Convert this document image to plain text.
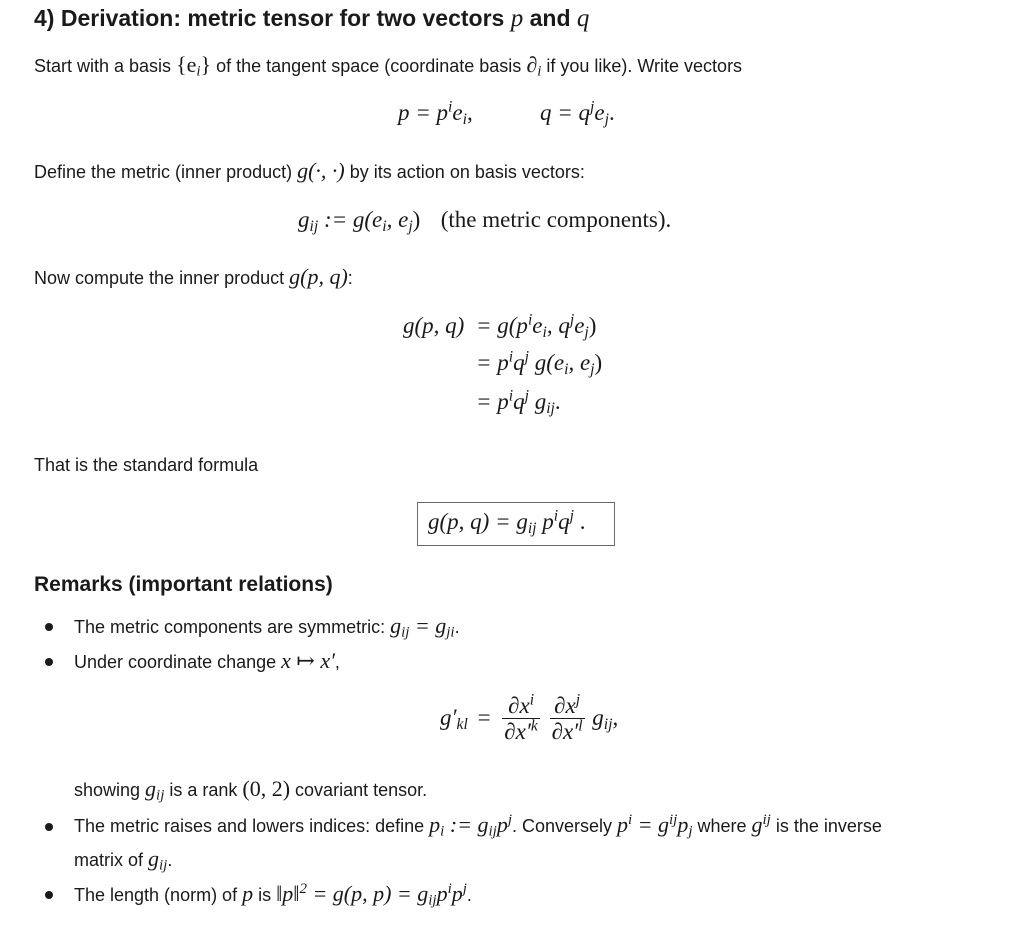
4) Derivation: metric tensor for two vectors p and q
Start with a basis $\{e_i\}$ of the tangent space (coordinate basis $\partial_i$ if you like). Write vectors
$p = p^ie_i$,	$q = q^je_j$.
Define the metric (inner product) g(·, ·) by its action on basis vectors:
$g_{ij}$ := $g(e_i$, $e_j$) (the metric components).
Now compute the inner product g(p, q):
g(p, $q) = g(p^ie_i$, $q^je_j$)
= $p^iq^j$ $g(e_i$, $e_j$)
= $p^iq^j$ $g_{ij}$.
That is the standard formula
g(p, $q) = g_{ij}$ $p^iq^j$ .
Remarks (important relations)
The metric components are symmetric: $g_{ij} = g_{ji}$.
Under coordinate change x ↦ x′,
$g'_{kl} = \frac{\partial x^i}{\partial x'^k}$
$\frac{\partial x^j}{\partial x'^l} g_{ij}$,
showing $g_{ij}$ is a rank (0, 2) covariant tensor.
The metric raises and lowers indices: define $p_i$ := $g_{ij}p^j$. Conversely $p^i = g^{ij}p_j$ where $g^{ij}$ is the inverse
matrix of $g_{ij}$.
The length (norm) of p is ‖p‖$^2$ = g(p, $p) = g_{ij}p^ip^j$.
